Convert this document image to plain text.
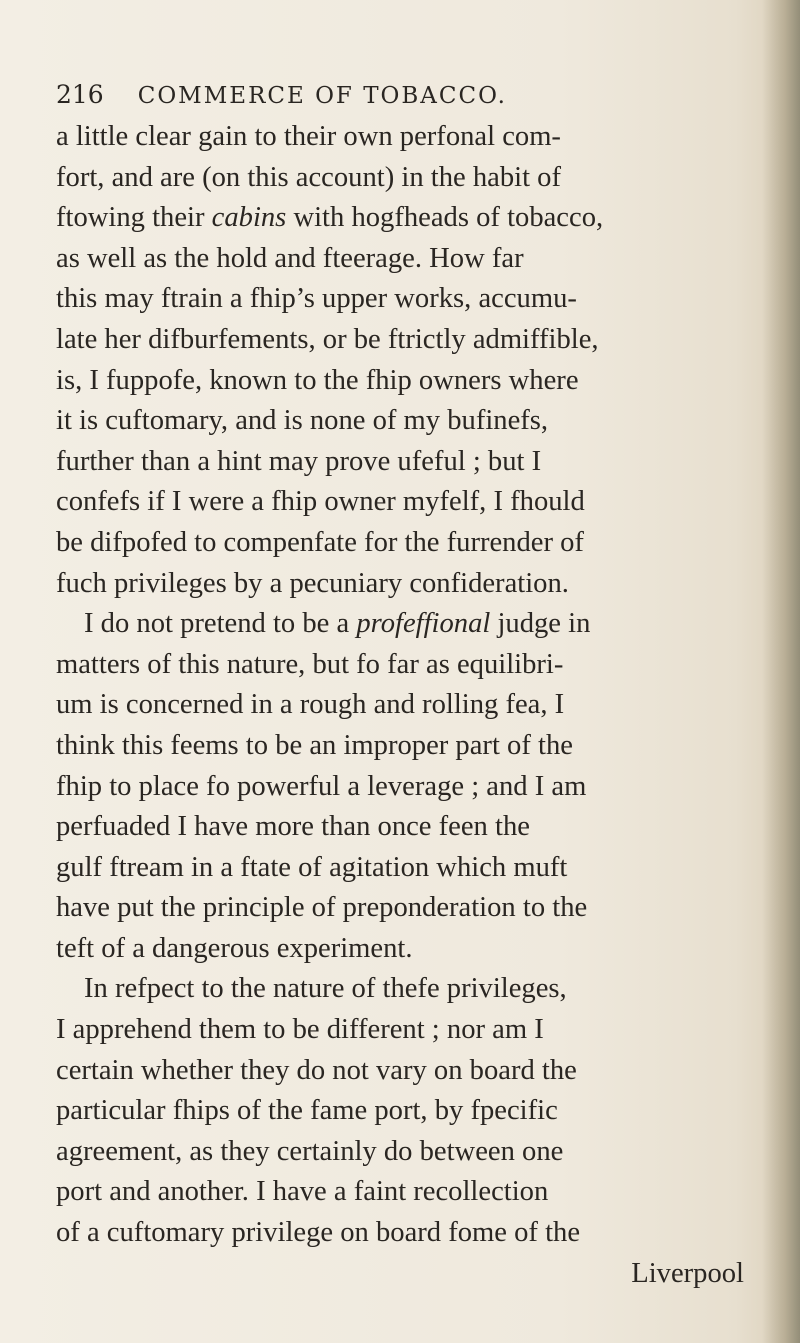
216 COMMERCE OF TOBACCO.
a little clear gain to their own perfonal com-
fort, and are (on this account) in the habit of
ftowing their cabins with hogfheads of tobacco,
as well as the hold and fteerage. How far
this may ftrain a fhip’s upper works, accumu-
late her difburfements, or be ftrictly admiffible,
is, I fuppofe, known to the fhip owners where
it is cuftomary, and is none of my bufinefs,
further than a hint may prove ufeful ; but I
confefs if I were a fhip owner myfelf, I fhould
be difpofed to compenfate for the furrender of
fuch privileges by a pecuniary confideration.
I do not pretend to be a profeffional judge in
matters of this nature, but fo far as equilibri-
um is concerned in a rough and rolling fea, I
think this feems to be an improper part of the
fhip to place fo powerful a leverage ; and I am
perfuaded I have more than once feen the
gulf ftream in a ftate of agitation which muft
have put the principle of preponderation to the
teft of a dangerous experiment.
In refpect to the nature of thefe privileges,
I apprehend them to be different ; nor am I
certain whether they do not vary on board the
particular fhips of the fame port, by fpecific
agreement, as they certainly do between one
port and another. I have a faint recollection
of a cuftomary privilege on board fome of the
Liverpool
